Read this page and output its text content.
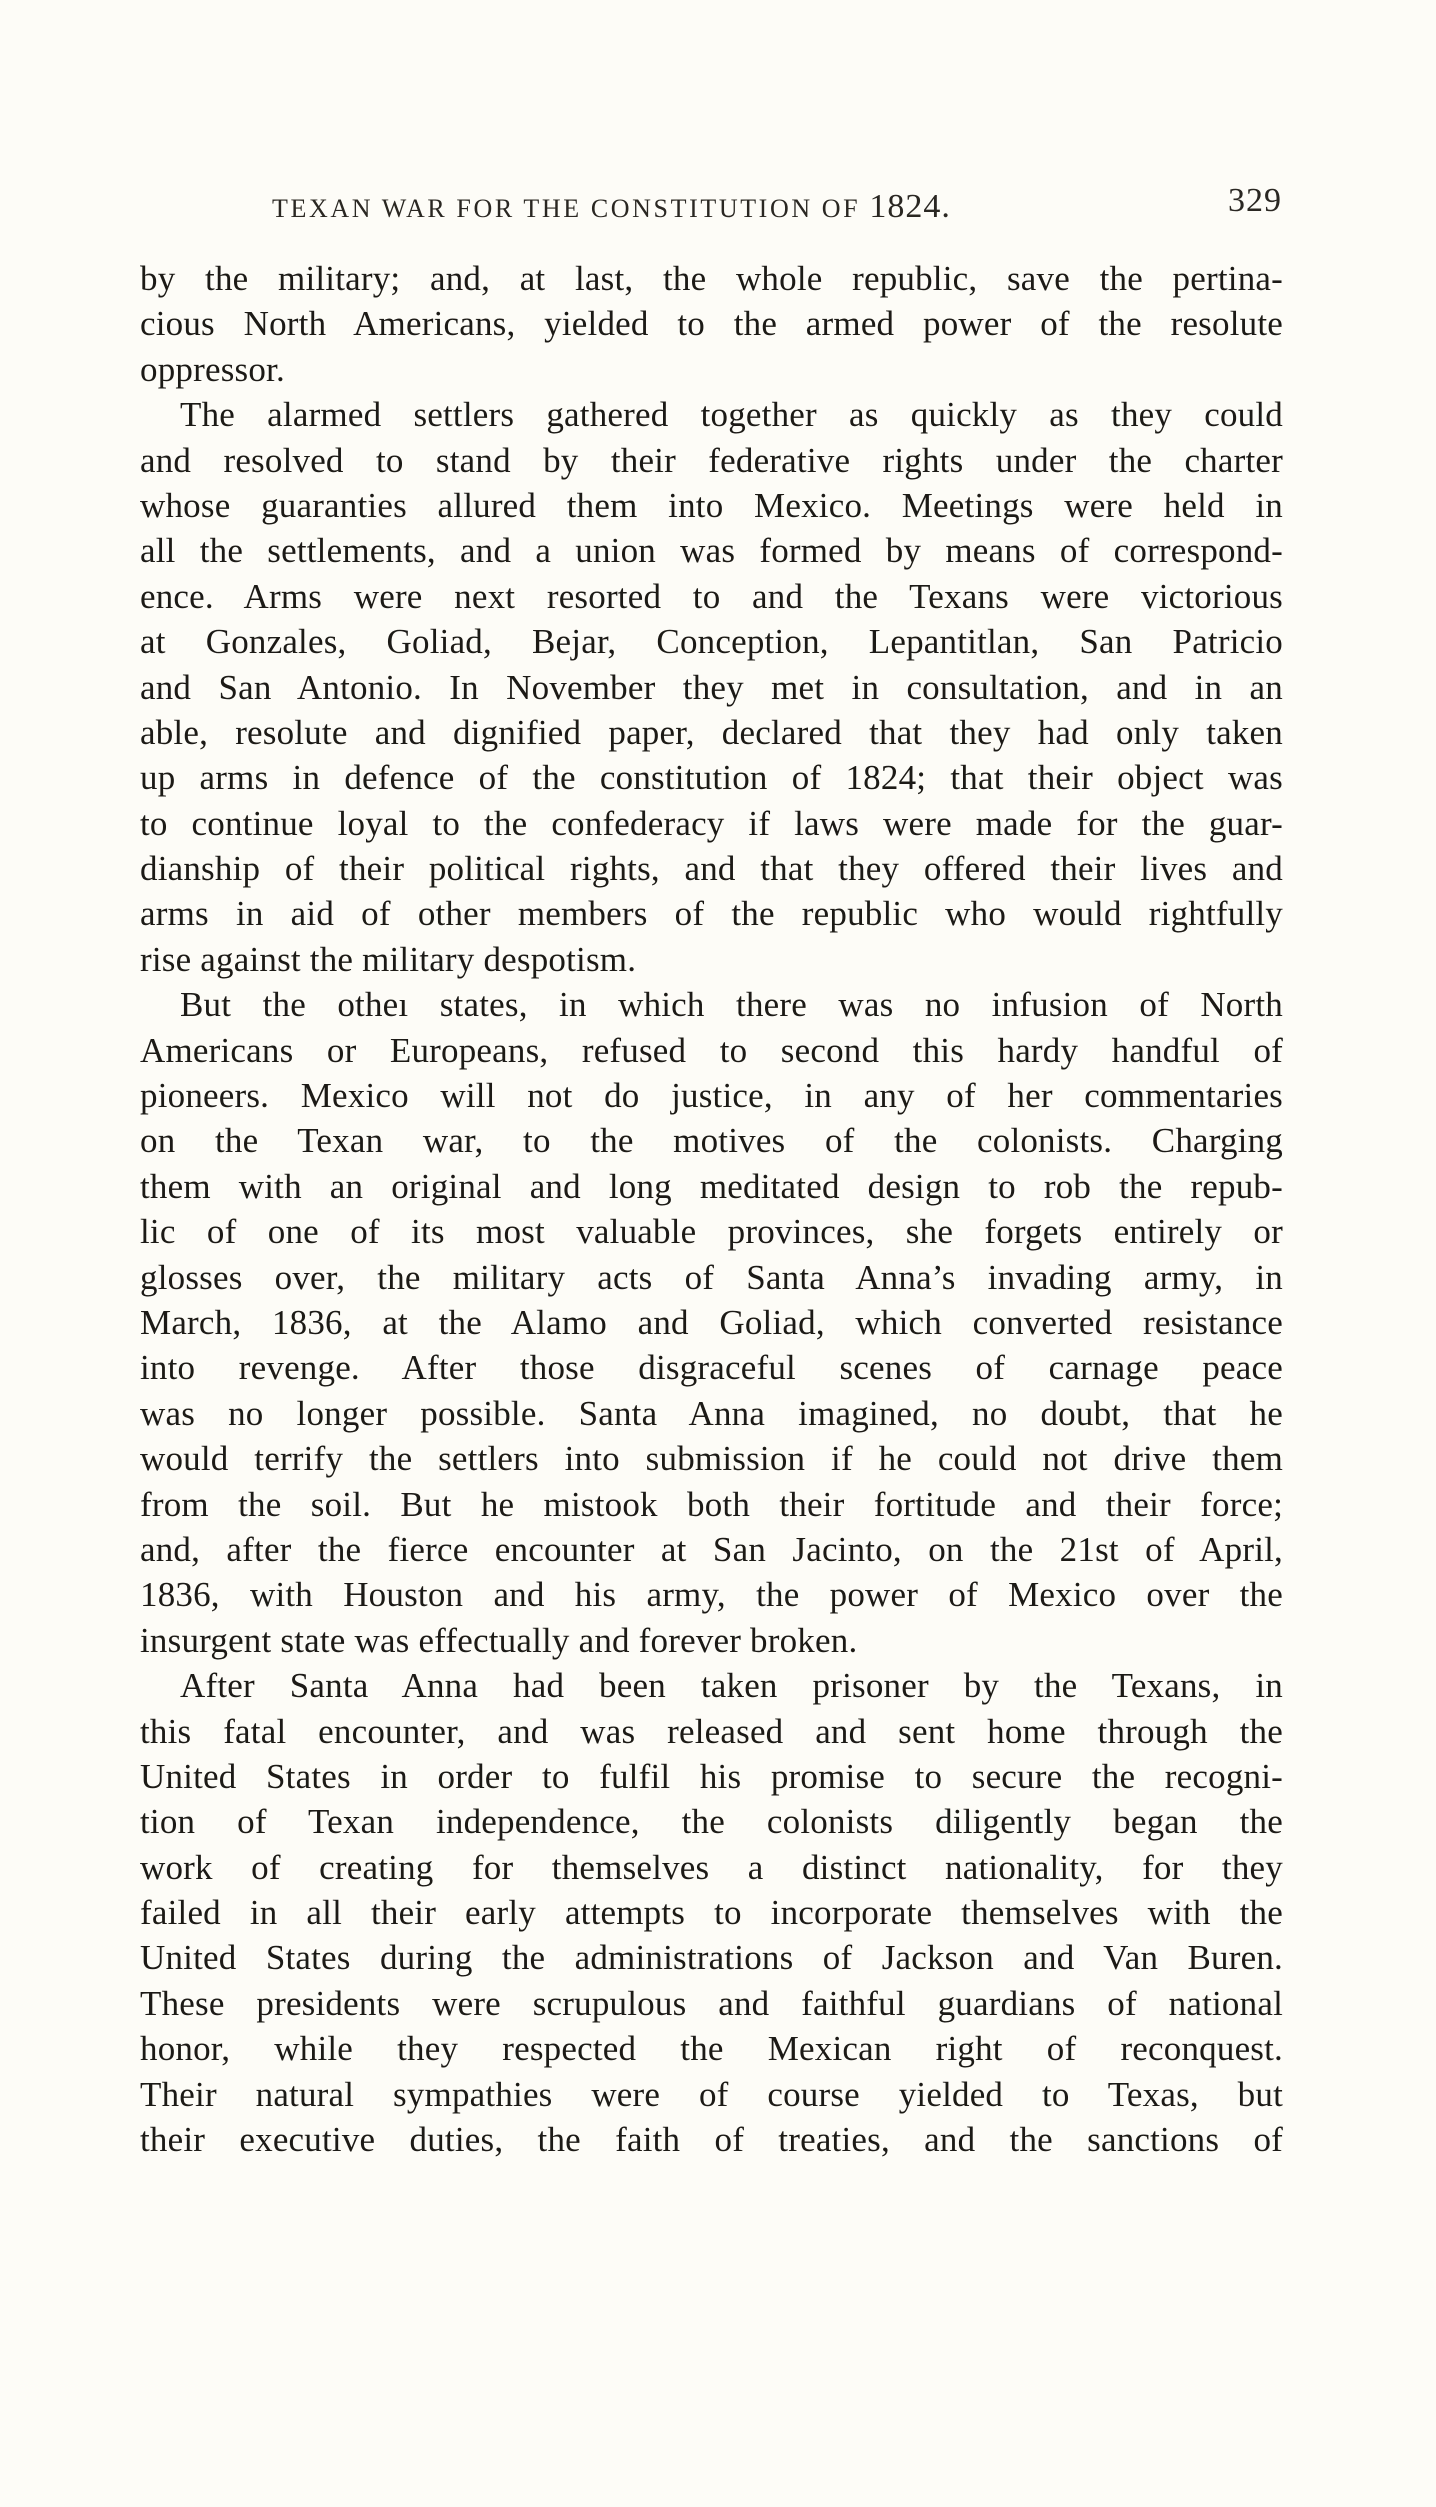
TEXAN WAR FOR THE CONSTITUTION OF 1824.	329
by the military; and, at last, the whole republic, save the pertina-
cious North Americans, yielded to the armed power of the resolute
oppressor.
The alarmed settlers gathered together as quickly as they could
and resolved to stand by their federative rights under the charter
whose guaranties allured them into Mexico. Meetings were held in
all the settlements, and a union was formed by means of correspond-
ence. Arms were next resorted to and the Texans were victorious
at Gonzales, Goliad, Bejar, Conception, Lepantitlan, San Patricio
and San Antonio. In November they met in consultation, and in an
able, resolute and dignified paper, declared that they had only taken
up arms in defence of the constitution of 1824; that their object was
to continue loyal to the confederacy if laws were made for the guar-
dianship of their political rights, and that they offered their lives and
arms in aid of other members of the republic who would rightfully
rise against the military despotism.
But the otheı states, in which there was no infusion of North
Americans or Europeans, refused to second this hardy handful of
pioneers. Mexico will not do justice, in any of her commentaries
on the Texan war, to the motives of the colonists. Charging
them with an original and long meditated design to rob the repub-
lic of one of its most valuable provinces, she forgets entirely or
glosses over, the military acts of Santa Anna’s invading army, in
March, 1836, at the Alamo and Goliad, which converted resistance
into revenge. After those disgraceful scenes of carnage peace
was no longer possible. Santa Anna imagined, no doubt, that he
would terrify the settlers into submission if he could not drive them
from the soil. But he mistook both their fortitude and their force;
and, after the fierce encounter at San Jacinto, on the 21st of April,
1836, with Houston and his army, the power of Mexico over the
insurgent state was effectually and forever broken.
After Santa Anna had been taken prisoner by the Texans, in
this fatal encounter, and was released and sent home through the
United States in order to fulfil his promise to secure the recogni-
tion of Texan independence, the colonists diligently began the
work of creating for themselves a distinct nationality, for they
failed in all their early attempts to incorporate themselves with the
United States during the administrations of Jackson and Van Buren.
These presidents were scrupulous and faithful guardians of national
honor, while they respected the Mexican right of reconquest.
Their natural sympathies were of course yielded to Texas, but
their executive duties, the faith of treaties, and the sanctions of
